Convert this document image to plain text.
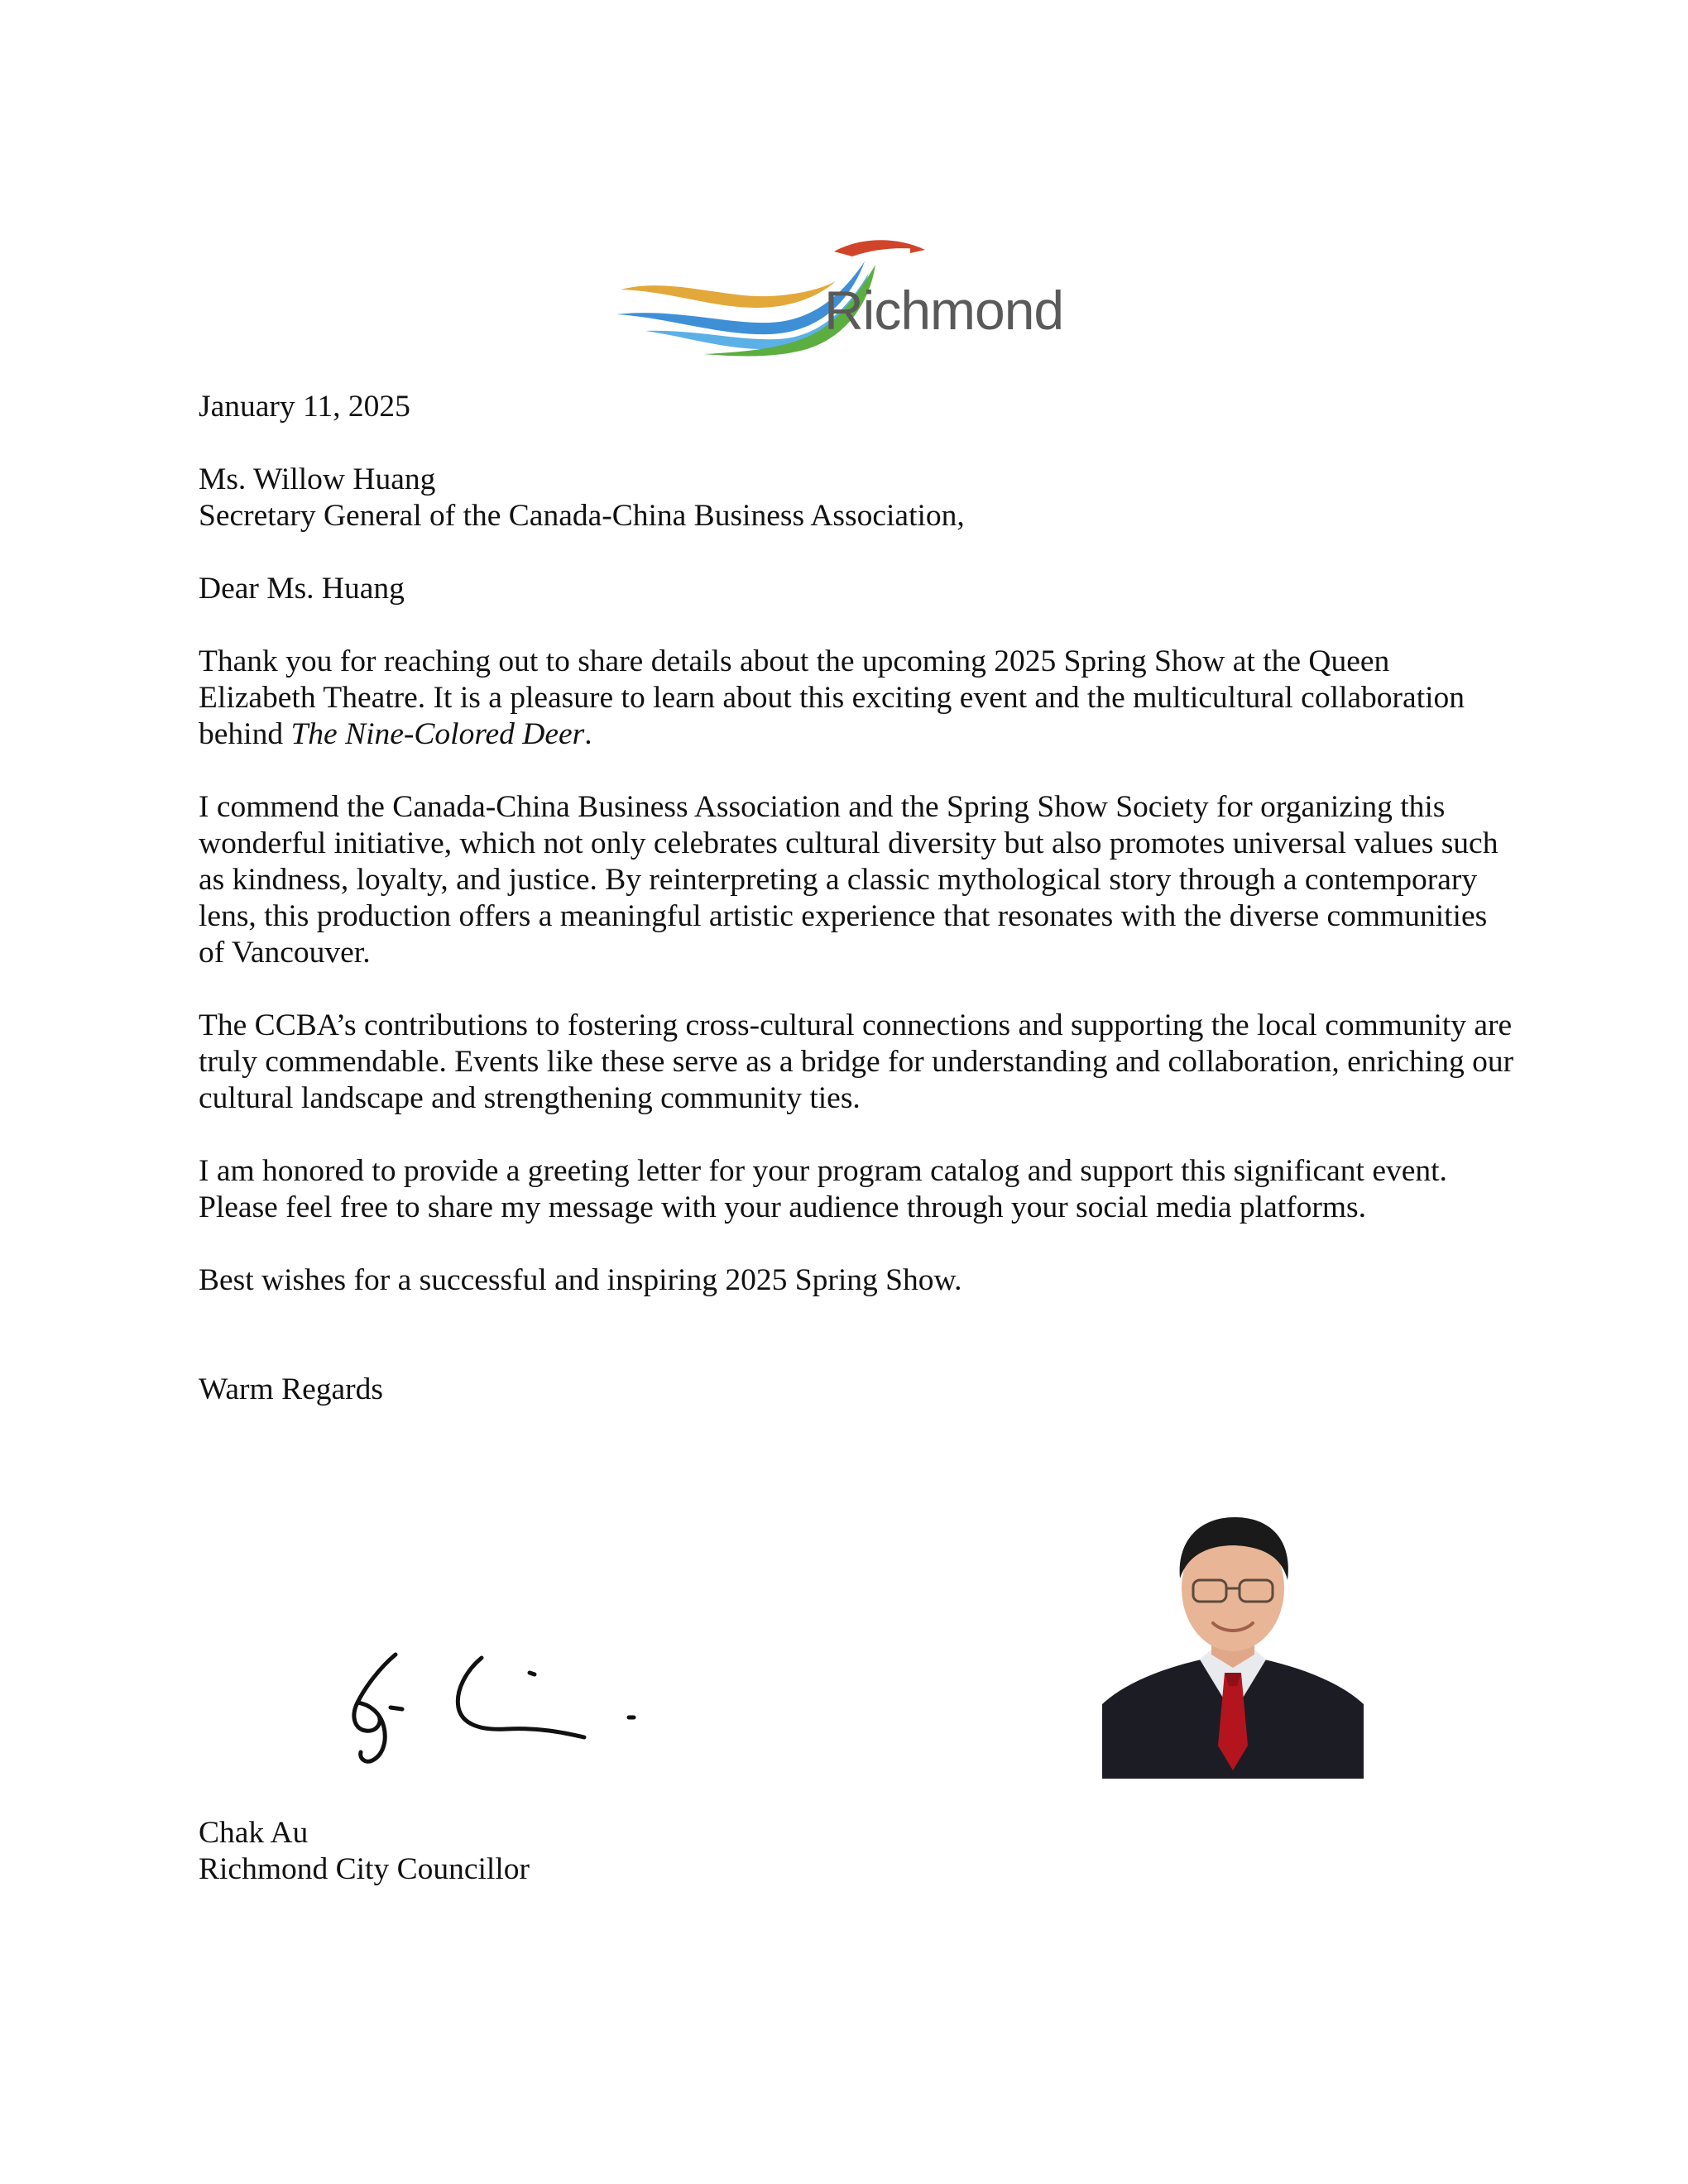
Richmond

January 11, 2025

Ms. Willow Huang

Secretary General of the Canada-China Business Association,

Dear Ms. Huang

Thank you for reaching out to share details about the upcoming 2025 Spring Show at the Queen Elizabeth Theatre. It is a pleasure to learn about this exciting event and the multicultural collaboration behind The Nine-Colored Deer.

I commend the Canada-China Business Association and the Spring Show Society for organizing this wonderful initiative, which not only celebrates cultural diversity but also promotes universal values such as kindness, loyalty, and justice. By reinterpreting a classic mythological story through a contemporary lens, this production offers a meaningful artistic experience that resonates with the diverse communities of Vancouver.

The CCBA’s contributions to fostering cross-cultural connections and supporting the local community are truly commendable. Events like these serve as a bridge for understanding and collaboration, enriching our cultural landscape and strengthening community ties.

I am honored to provide a greeting letter for your program catalog and support this significant event. Please feel free to share my message with your audience through your social media platforms.

Best wishes for a successful and inspiring 2025 Spring Show.

Warm Regards

Chak Au

Richmond City Councillor
